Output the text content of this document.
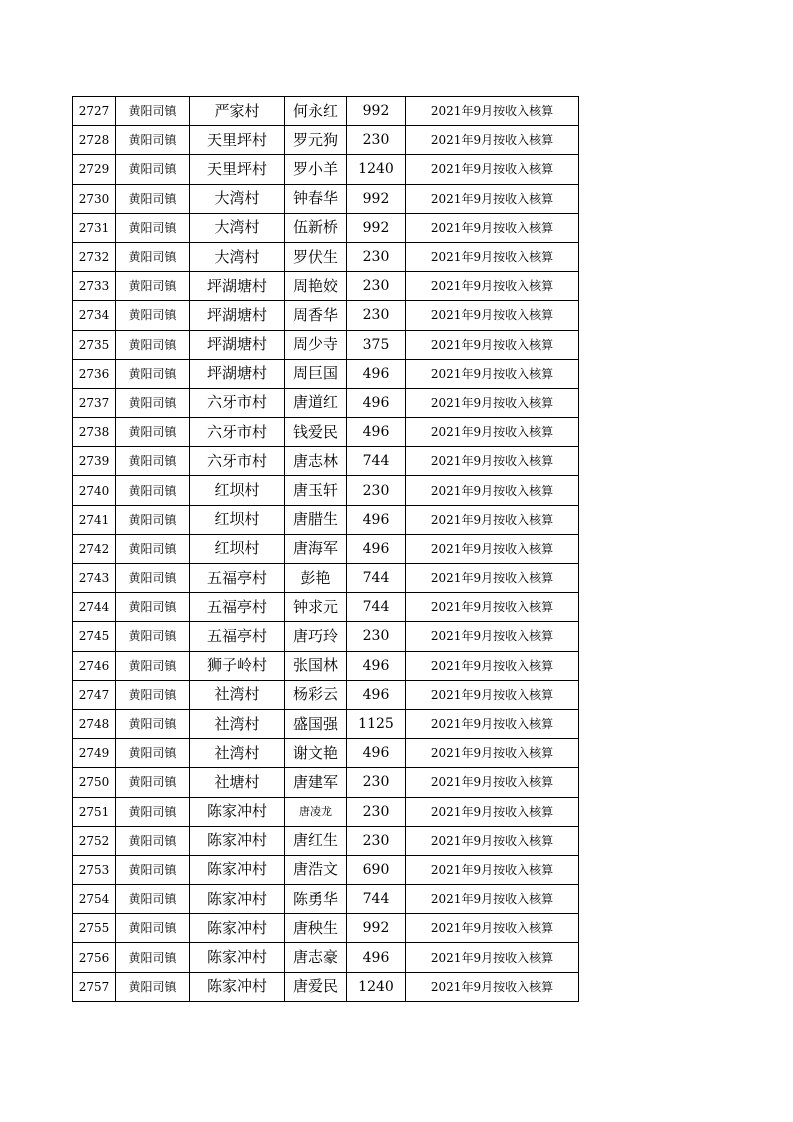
2727	黄阳司镇	严家村	何永红	992	2021年9月按收入核算
2728	黄阳司镇	天里坪村	罗元狗	230	2021年9月按收入核算
2729	黄阳司镇	天里坪村	罗小羊	1240	2021年9月按收入核算
2730	黄阳司镇	大湾村	钟春华	992	2021年9月按收入核算
2731	黄阳司镇	大湾村	伍新桥	992	2021年9月按收入核算
2732	黄阳司镇	大湾村	罗伏生	230	2021年9月按收入核算
2733	黄阳司镇	坪湖塘村	周艳姣	230	2021年9月按收入核算
2734	黄阳司镇	坪湖塘村	周香华	230	2021年9月按收入核算
2735	黄阳司镇	坪湖塘村	周少寺	375	2021年9月按收入核算
2736	黄阳司镇	坪湖塘村	周巨国	496	2021年9月按收入核算
2737	黄阳司镇	六牙市村	唐道红	496	2021年9月按收入核算
2738	黄阳司镇	六牙市村	钱爱民	496	2021年9月按收入核算
2739	黄阳司镇	六牙市村	唐志林	744	2021年9月按收入核算
2740	黄阳司镇	红坝村	唐玉轩	230	2021年9月按收入核算
2741	黄阳司镇	红坝村	唐腊生	496	2021年9月按收入核算
2742	黄阳司镇	红坝村	唐海军	496	2021年9月按收入核算
2743	黄阳司镇	五福亭村	彭艳	744	2021年9月按收入核算
2744	黄阳司镇	五福亭村	钟求元	744	2021年9月按收入核算
2745	黄阳司镇	五福亭村	唐巧玲	230	2021年9月按收入核算
2746	黄阳司镇	狮子岭村	张国林	496	2021年9月按收入核算
2747	黄阳司镇	社湾村	杨彩云	496	2021年9月按收入核算
2748	黄阳司镇	社湾村	盛国强	1125	2021年9月按收入核算
2749	黄阳司镇	社湾村	谢文艳	496	2021年9月按收入核算
2750	黄阳司镇	社塘村	唐建军	230	2021年9月按收入核算
2751	黄阳司镇	陈家冲村	唐凌龙	230	2021年9月按收入核算
2752	黄阳司镇	陈家冲村	唐红生	230	2021年9月按收入核算
2753	黄阳司镇	陈家冲村	唐浩文	690	2021年9月按收入核算
2754	黄阳司镇	陈家冲村	陈勇华	744	2021年9月按收入核算
2755	黄阳司镇	陈家冲村	唐秧生	992	2021年9月按收入核算
2756	黄阳司镇	陈家冲村	唐志豪	496	2021年9月按收入核算
2757	黄阳司镇	陈家冲村	唐爱民	1240	2021年9月按收入核算
